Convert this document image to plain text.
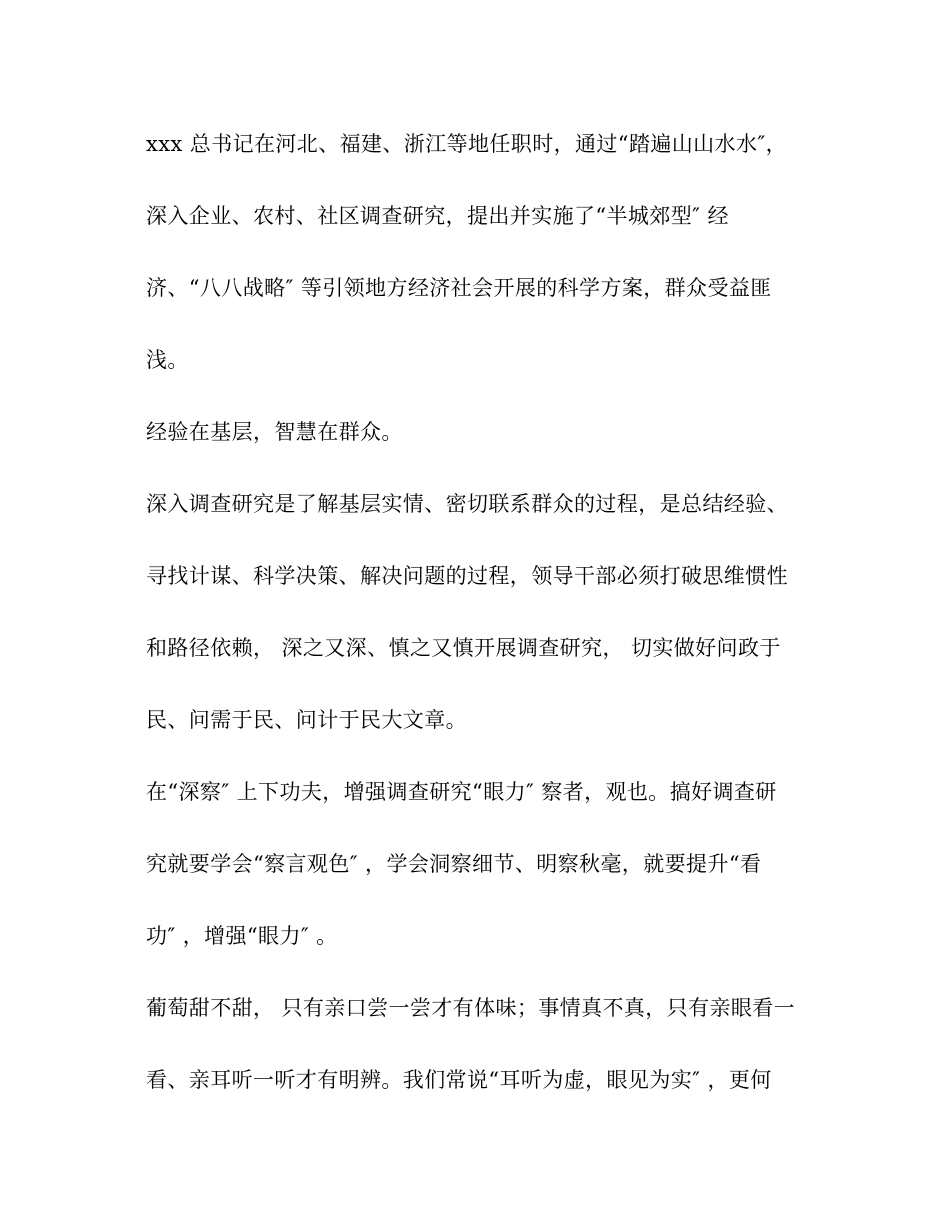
xxx 总书记在河北、福建、浙江等地任职时，通过“踏遍山山水水″，
深入企业、农村、社区调查研究，提出并实施了“半城郊型″ 经
济、“八八战略″ 等引领地方经济社会开展的科学方案，群众受益匪
浅。
经验在基层，智慧在群众。
深入调查研究是了解基层实情、密切联系群众的过程，是总结经验、
寻找计谋、科学决策、解决问题的过程，领导干部必须打破思维惯性
和路径依赖， 深之又深、慎之又慎开展调查研究， 切实做好问政于
民、问需于民、问计于民大文章。
在“深察″ 上下功夫，增强调查研究“眼力″ 察者，观也。搞好调查研
究就要学会“察言观色″ ，学会洞察细节、明察秋毫，就要提升“看
功″ ，增强“眼力″ 。
葡萄甜不甜， 只有亲口尝一尝才有体味；事情真不真，只有亲眼看一
看、亲耳听一听才有明辨。我们常说“耳听为虚，眼见为实″ ，更何
